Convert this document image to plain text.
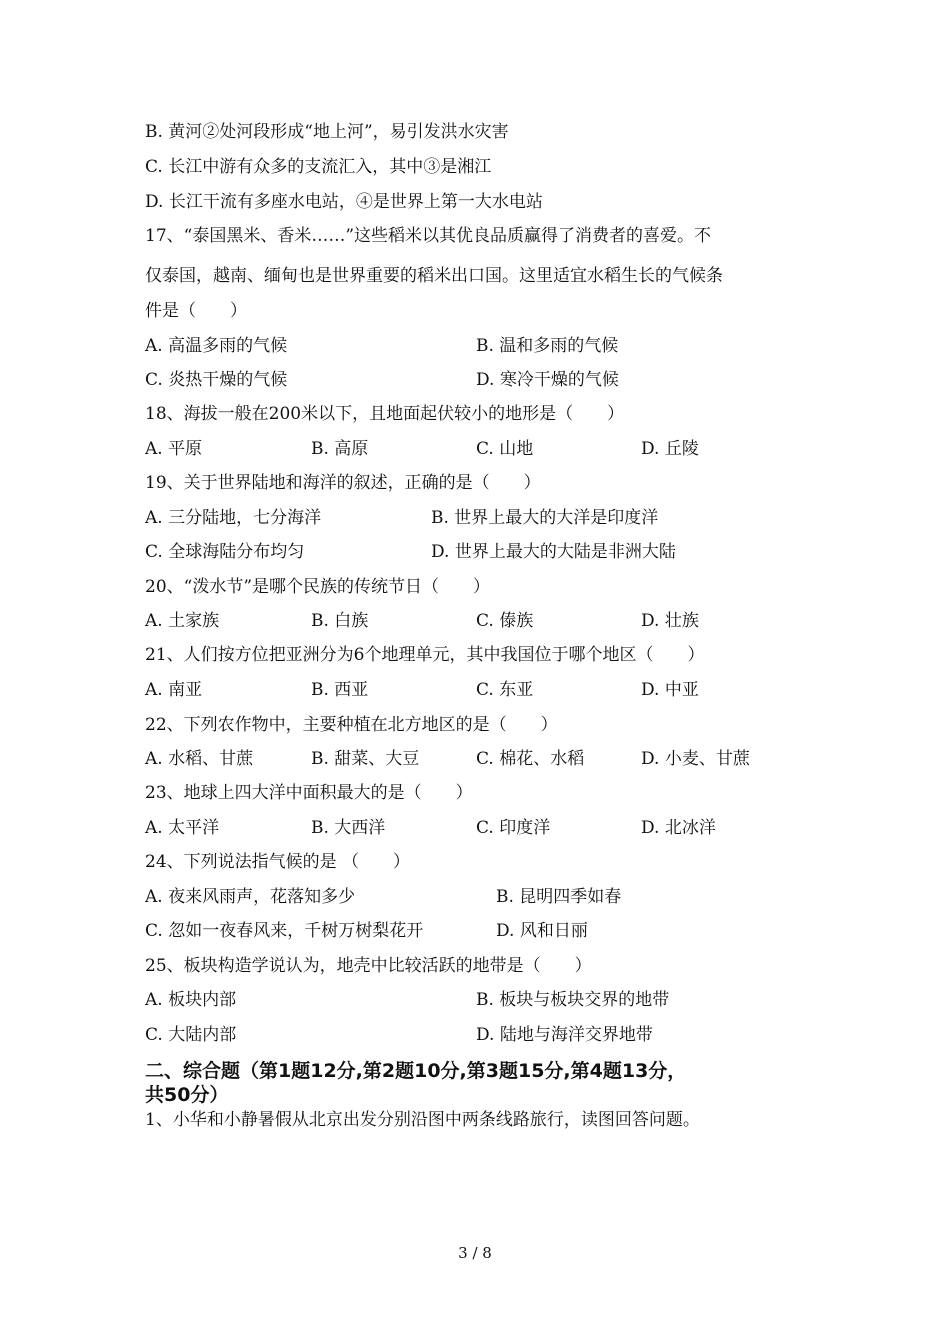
B. 黄河②处河段形成“地上河”，易引发洪水灾害
C. 长江中游有众多的支流汇入，其中③是湘江
D. 长江干流有多座水电站，④是世界上第一大水电站
17、“泰国黑米、香米……”这些稻米以其优良品质赢得了消费者的喜爱。不
仅泰国，越南、缅甸也是世界重要的稻米出口国。这里适宜水稻生长的气候条
件是（　　）
A. 高温多雨的气候	B. 温和多雨的气候
C. 炎热干燥的气候	D. 寒冷干燥的气候
18、海拔一般在200米以下，且地面起伏较小的地形是（　　）
A. 平原	B. 高原	C. 山地	D. 丘陵
19、关于世界陆地和海洋的叙述，正确的是（　　）
A. 三分陆地，七分海洋	B. 世界上最大的大洋是印度洋
C. 全球海陆分布均匀	D. 世界上最大的大陆是非洲大陆
20、“泼水节”是哪个民族的传统节日（　　）
A. 土家族	B. 白族	C. 傣族	D. 壮族
21、人们按方位把亚洲分为6个地理单元，其中我国位于哪个地区（　　）
A. 南亚	B. 西亚	C. 东亚	D. 中亚
22、下列农作物中，主要种植在北方地区的是（　　）
A. 水稻、甘蔗	B. 甜菜、大豆	C. 棉花、水稻	D. 小麦、甘蔗
23、地球上四大洋中面积最大的是（　　）
A. 太平洋	B. 大西洋	C. 印度洋	D. 北冰洋
24、下列说法指气候的是 （　　）
A. 夜来风雨声，花落知多少	B. 昆明四季如春
C. 忽如一夜春风来，千树万树梨花开	D. 风和日丽
25、板块构造学说认为，地壳中比较活跃的地带是（　　）
A. 板块内部	B. 板块与板块交界的地带
C. 大陆内部	D. 陆地与海洋交界地带
二、综合题（第1题12分,第2题10分,第3题15分,第4题13分，
共50分）
1、小华和小静暑假从北京出发分别沿图中两条线路旅行，读图回答问题。
3 / 8
